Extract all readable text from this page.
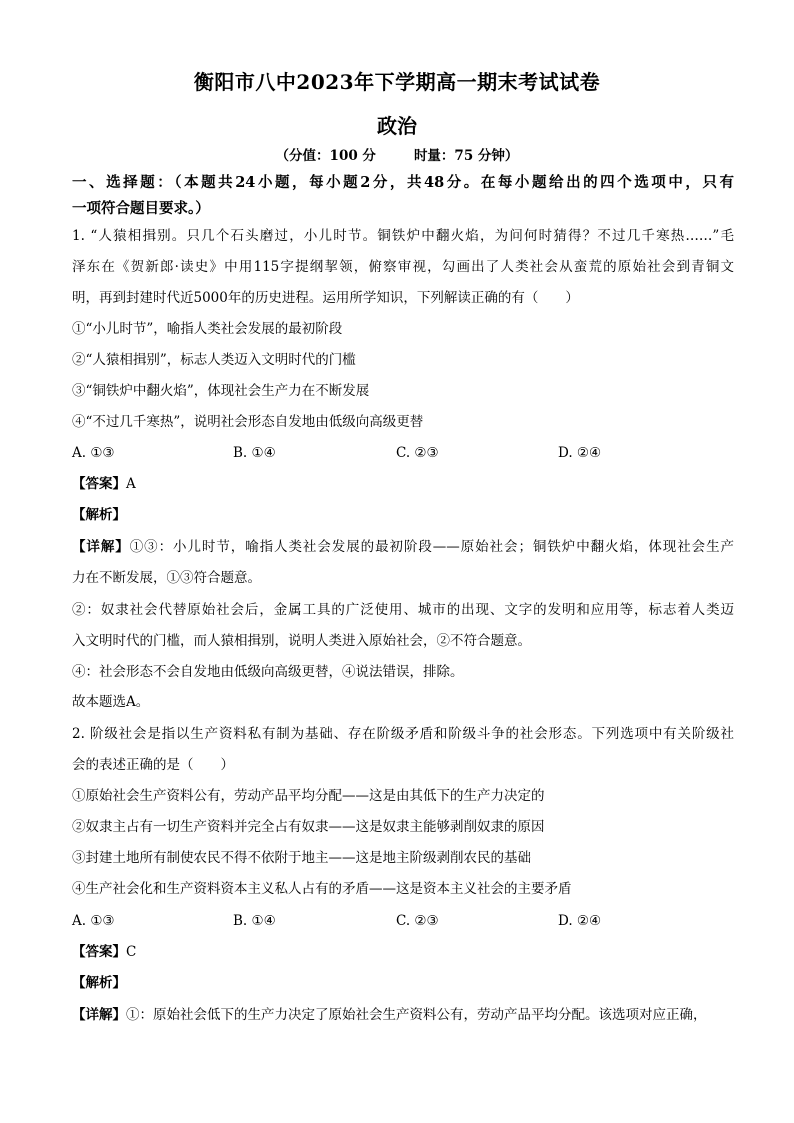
衡阳市八中2023年下学期高一期末考试试卷
政治
（分值：100 分	时量：75 分钟）
一、选择题：（本题共24小题，每小题2分，共48分。在每小题给出的四个选项中，只有
一项符合题目要求。）
1. “人猿相揖别。只几个石头磨过，小儿时节。铜铁炉中翻火焰，为问何时猜得？不过几千寒热……”毛
泽东在《贺新郎·读史》中用115字提纲挈领，俯察审视，勾画出了人类社会从蛮荒的原始社会到青铜文
明，再到封建时代近5000年的历史进程。运用所学知识，下列解读正确的有（　　）
①“小儿时节”，喻指人类社会发展的最初阶段
②“人猿相揖别”，标志人类迈入文明时代的门槛
③“铜铁炉中翻火焰”，体现社会生产力在不断发展
④“不过几千寒热”，说明社会形态自发地由低级向高级更替
A. ①③	B. ①④	C. ②③	D. ②④
【答案】A
【解析】
【详解】①③：小儿时节，喻指人类社会发展的最初阶段——原始社会；铜铁炉中翻火焰，体现社会生产
力在不断发展，①③符合题意。
②：奴隶社会代替原始社会后，金属工具的广泛使用、城市的出现、文字的发明和应用等，标志着人类迈
入文明时代的门槛，而人猿相揖别，说明人类进入原始社会，②不符合题意。
④：社会形态不会自发地由低级向高级更替，④说法错误，排除。
故本题选A。
2. 阶级社会是指以生产资料私有制为基础、存在阶级矛盾和阶级斗争的社会形态。下列选项中有关阶级社
会的表述正确的是（　　）
①原始社会生产资料公有，劳动产品平均分配——这是由其低下的生产力决定的
②奴隶主占有一切生产资料并完全占有奴隶——这是奴隶主能够剥削奴隶的原因
③封建土地所有制使农民不得不依附于地主——这是地主阶级剥削农民的基础
④生产社会化和生产资料资本主义私人占有的矛盾——这是资本主义社会的主要矛盾
A. ①③	B. ①④	C. ②③	D. ②④
【答案】C
【解析】
【详解】①：原始社会低下的生产力决定了原始社会生产资料公有，劳动产品平均分配。该选项对应正确，
